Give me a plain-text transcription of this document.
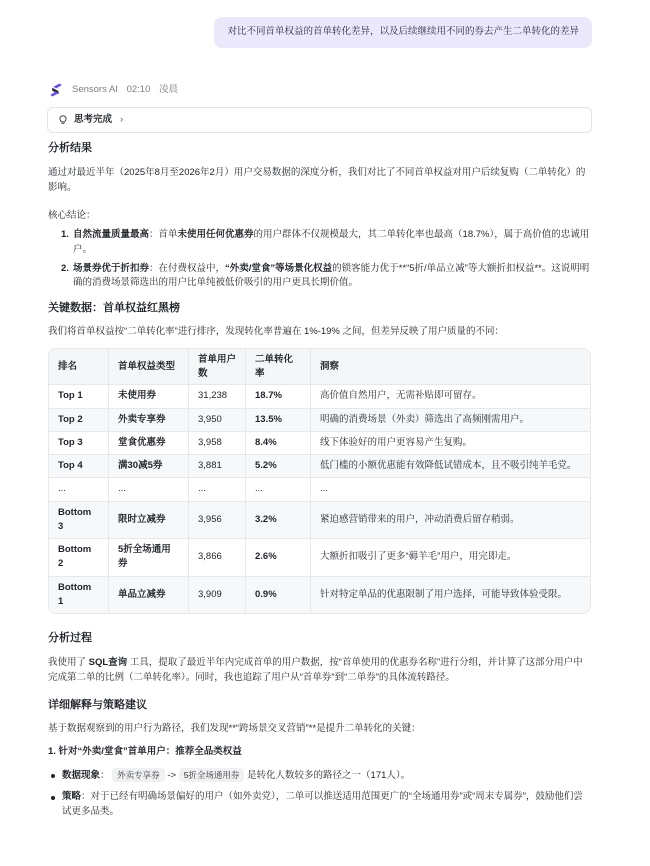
对比不同首单权益的首单转化差异，以及后续继续用不同的券去产生二单转化的差异
Sensors AI 02:10 凌晨
思考完成 ›
分析结果

通过对最近半年（2025年8月至2026年2月）用户交易数据的深度分析，我们对比了不同首单权益对用户后续复购（二单转化）的影响。

核心结论：

1. 自然流量质量最高：首单未使用任何优惠券的用户群体不仅规模最大，其二单转化率也最高（18.7%），属于高价值的忠诚用户。
2. 场景券优于折扣券：在付费权益中，“外卖/堂食”等场景化权益的锁客能力优于**“5折/单品立减”等大额折扣权益**。这说明明确的消费场景筛选出的用户比单纯被低价吸引的用户更具长期价值。
关键数据：首单权益红黑榜

我们将首单权益按“二单转化率”进行排序，发现转化率普遍在 1%-19% 之间，但差异反映了用户质量的不同：

排名	首单权益类型	首单用户数	二单转化率	洞察
Top 1	未使用券	31,238	18.7%	高价值自然用户，无需补贴即可留存。
Top 2	外卖专享券	3,950	13.5%	明确的消费场景（外卖）筛选出了高频刚需用户。
Top 3	堂食优惠券	3,958	8.4%	线下体验好的用户更容易产生复购。
Top 4	满30减5券	3,881	5.2%	低门槛的小额优惠能有效降低试错成本，且不吸引纯羊毛党。
...	...	...	...	...
Bottom 3	限时立减券	3,956	3.2%	紧迫感营销带来的用户，冲动消费后留存稍弱。
Bottom 2	5折全场通用券	3,866	2.6%	大额折扣吸引了更多“薅羊毛”用户，用完即走。
Bottom 1	单品立减券	3,909	0.9%	针对特定单品的优惠限制了用户选择，可能导致体验受限。
分析过程

我使用了 SQL查询 工具，提取了最近半年内完成首单的用户数据，按“首单使用的优惠券名称”进行分组，并计算了这部分用户中完成第二单的比例（二单转化率）。同时，我也追踪了用户从“首单券”到“二单券”的具体流转路径。

详细解释与策略建议

基于数据观察到的用户行为路径，我们发现**“跨场景交叉营销”**是提升二单转化的关键：

1. 针对“外卖/堂食”首单用户：推荐全品类权益

数据现象： 外卖专享券 -> 5折全场通用券 是转化人数较多的路径之一（171人）。
策略：对于已经有明确场景偏好的用户（如外卖党），二单可以推送适用范围更广的“全场通用券”或“周末专属券”，鼓励他们尝试更多品类。
